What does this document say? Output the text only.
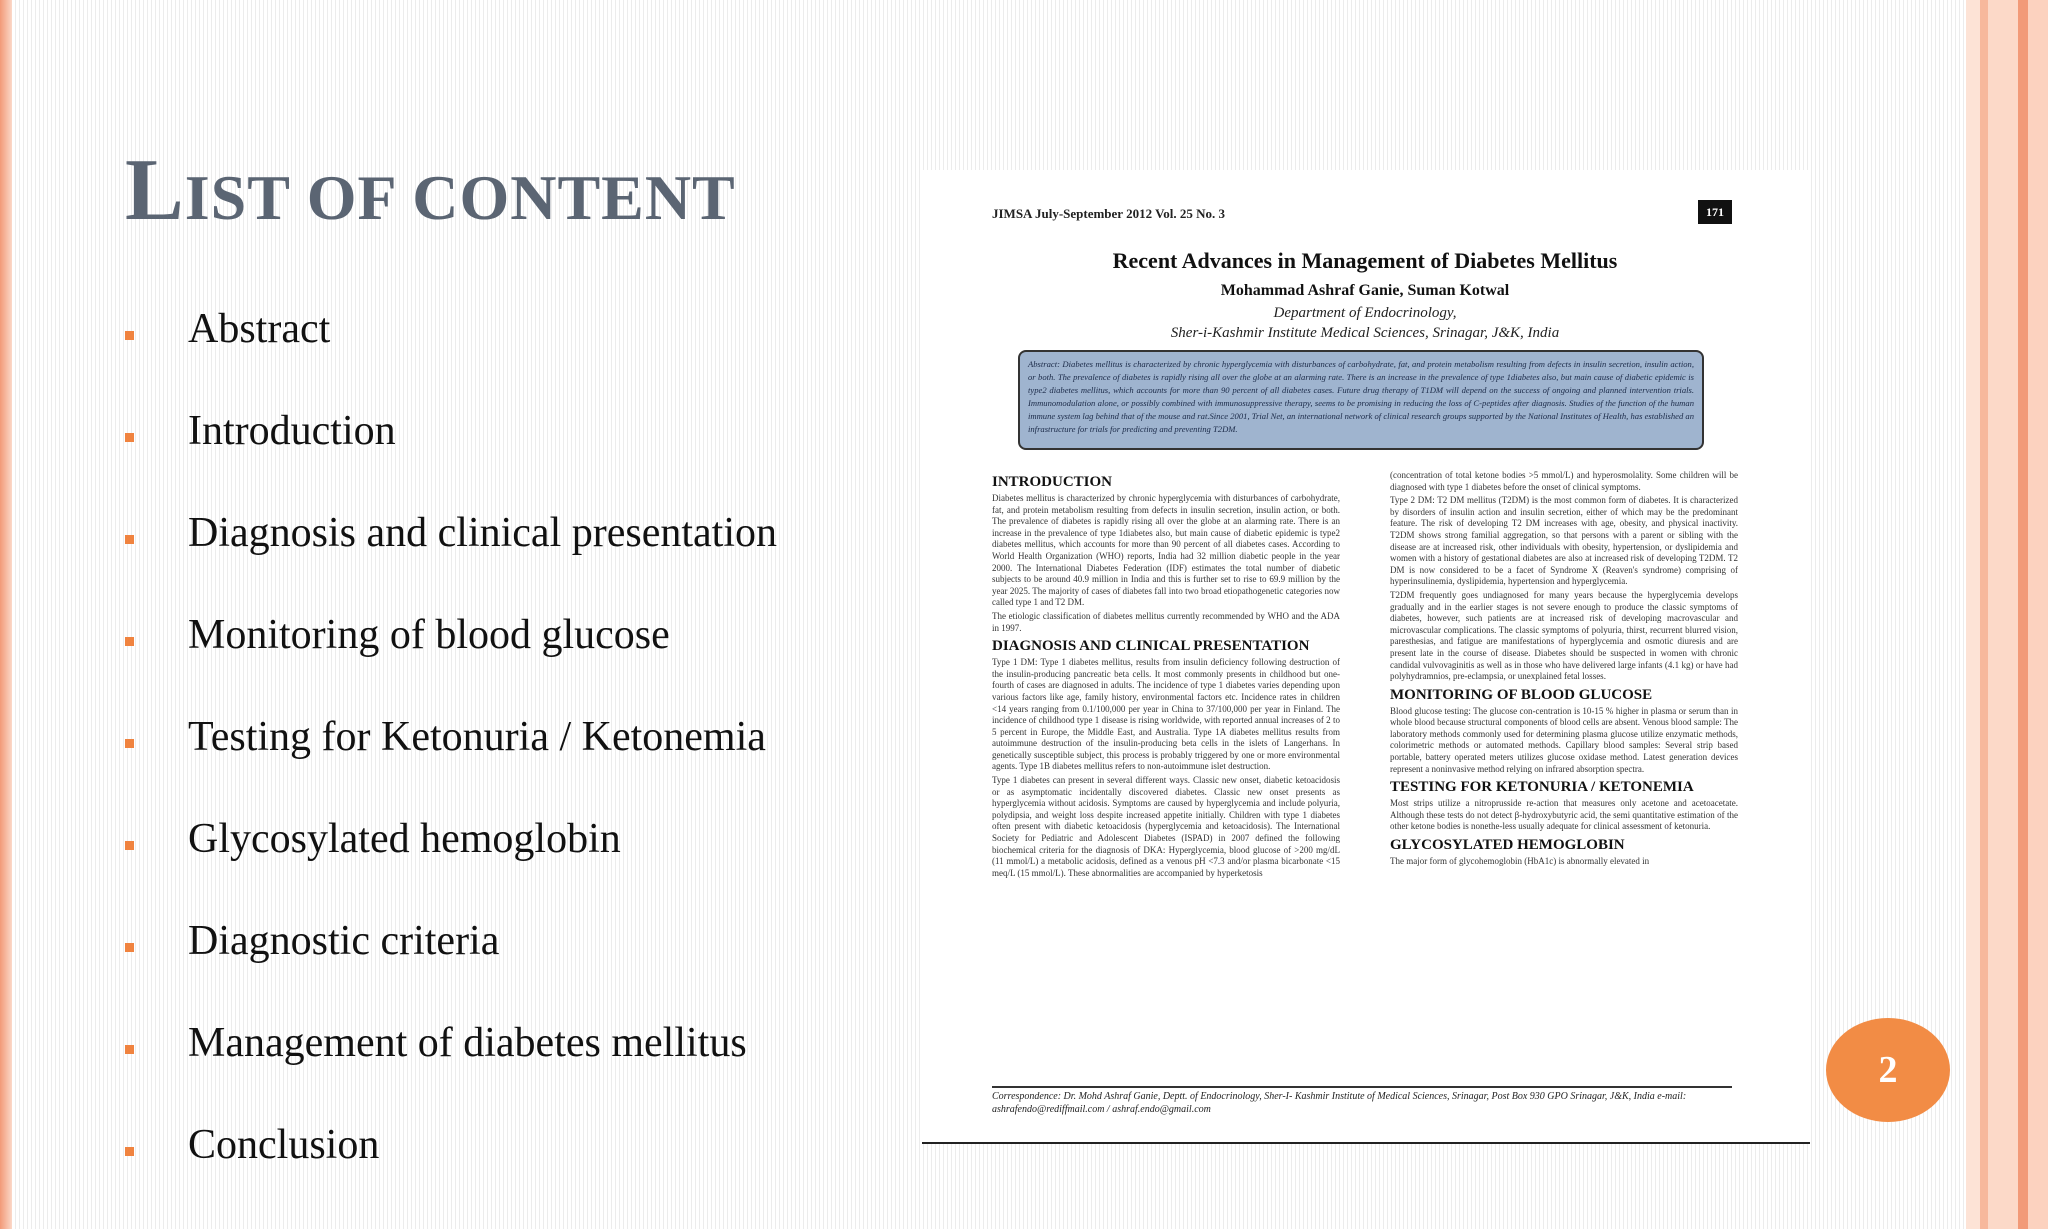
LIST OF CONTENT
Abstract
Introduction
Diagnosis and clinical presentation
Monitoring of blood glucose
Testing for Ketonuria / Ketonemia
Glycosylated hemoglobin
Diagnostic criteria
Management of diabetes mellitus
Conclusion
JIMSA July-September 2012 Vol. 25 No. 3	171
Recent Advances in Management of Diabetes Mellitus
Mohammad Ashraf Ganie, Suman Kotwal
Department of Endocrinology,
Sher-i-Kashmir Institute Medical Sciences, Srinagar, J&K, India
Abstract: Diabetes mellitus is characterized by chronic hyperglycemia with disturbances of carbohydrate, fat, and protein metabolism resulting from defects in insulin secretion, insulin action, or both. The prevalence of diabetes is rapidly rising all over the globe at an alarming rate. There is an increase in the prevalence of type 1diabetes also, but main cause of diabetic epidemic is type2 diabetes mellitus, which accounts for more than 90 percent of all diabetes cases. Future drug therapy of T1DM will depend on the success of ongoing and planned intervention trials. Immunomodulation alone, or possibly combined with immunosuppressive therapy, seems to be promising in reducing the loss of C-peptides after diagnosis. Studies of the function of the human immune system lag behind that of the mouse and rat.Since 2001, Trial Net, an international network of clinical research groups supported by the National Institutes of Health, has established an infrastructure for trials for predicting and preventing T2DM.
INTRODUCTION

Diabetes mellitus is characterized by chronic hyperglycemia with disturbances of carbohydrate, fat, and protein metabolism resulting from defects in insulin secretion, insulin action, or both. The prevalence of diabetes is rapidly rising all over the globe at an alarming rate. There is an increase in the prevalence of type 1diabetes also, but main cause of diabetic epidemic is type2 diabetes mellitus, which accounts for more than 90 percent of all diabetes cases. According to World Health Organization (WHO) reports, India had 32 million diabetic people in the year 2000. The International Diabetes Federation (IDF) estimates the total number of diabetic subjects to be around 40.9 million in India and this is further set to rise to 69.9 million by the year 2025. The majority of cases of diabetes fall into two broad etiopathogenetic categories now called type 1 and T2 DM.

The etiologic classification of diabetes mellitus currently recommended by WHO and the ADA in 1997.

DIAGNOSIS AND CLINICAL PRESENTATION

Type 1 DM: Type 1 diabetes mellitus, results from insulin deficiency following destruction of the insulin-producing pancreatic beta cells. It most commonly presents in childhood but one-fourth of cases are diagnosed in adults. The incidence of type 1 diabetes varies depending upon various factors like age, family history, environmental factors etc. Incidence rates in children <14 years ranging from 0.1/100,000 per year in China to 37/100,000 per year in Finland. The incidence of childhood type 1 disease is rising worldwide, with reported annual increases of 2 to 5 percent in Europe, the Middle East, and Australia. Type 1A diabetes mellitus results from autoimmune destruction of the insulin-producing beta cells in the islets of Langerhans. In genetically susceptible subject, this process is probably triggered by one or more environmental agents. Type 1B diabetes mellitus refers to non-autoimmune islet destruction.

Type 1 diabetes can present in several different ways. Classic new onset, diabetic ketoacidosis or as asymptomatic incidentally discovered diabetes. Classic new onset presents as hyperglycemia without acidosis. Symptoms are caused by hyperglycemia and include polyuria, polydipsia, and weight loss despite increased appetite initially. Children with type 1 diabetes often present with diabetic ketoacidosis (hyperglycemia and ketoacidosis). The International Society for Pediatric and Adolescent Diabetes (ISPAD) in 2007 defined the following biochemical criteria for the diagnosis of DKA: Hyperglycemia, blood glucose of >200 mg/dL (11 mmol/L) a metabolic acidosis, defined as a venous pH <7.3 and/or plasma bicarbonate <15 meq/L (15 mmol/L). These abnormalities are accompanied by hyperketosis

(concentration of total ketone bodies >5 mmol/L) and hyperosmolality. Some children will be diagnosed with type 1 diabetes before the onset of clinical symptoms.

Type 2 DM: T2 DM mellitus (T2DM) is the most common form of diabetes. It is characterized by disorders of insulin action and insulin secretion, either of which may be the predominant feature. The risk of developing T2 DM increases with age, obesity, and physical inactivity. T2DM shows strong familial aggregation, so that persons with a parent or sibling with the disease are at increased risk, other individuals with obesity, hypertension, or dyslipidemia and women with a history of gestational diabetes are also at increased risk of developing T2DM. T2 DM is now considered to be a facet of Syndrome X (Reaven's syndrome) comprising of hyperinsulinemia, dyslipidemia, hypertension and hyperglycemia.

T2DM frequently goes undiagnosed for many years because the hyperglycemia develops gradually and in the earlier stages is not severe enough to produce the classic symptoms of diabetes, however, such patients are at increased risk of developing macrovascular and microvascular complications. The classic symptoms of polyuria, thirst, recurrent blurred vision, paresthesias, and fatigue are manifestations of hyperglycemia and osmotic diuresis and are present late in the course of disease. Diabetes should be suspected in women with chronic candidal vulvovaginitis as well as in those who have delivered large infants (4.1 kg) or have had polyhydramnios, pre-eclampsia, or unexplained fetal losses.

MONITORING OF BLOOD GLUCOSE

Blood glucose testing: The glucose con-centration is 10-15 % higher in plasma or serum than in whole blood because structural components of blood cells are absent. Venous blood sample: The laboratory methods commonly used for determining plasma glucose utilize enzymatic methods, colorimetric methods or automated methods. Capillary blood samples: Several strip based portable, battery operated meters utilizes glucose oxidase method. Latest generation devices represent a noninvasive method relying on infrared absorption spectra.

TESTING FOR KETONURIA / KETONEMIA

Most strips utilize a nitroprusside re-action that measures only acetone and acetoacetate. Although these tests do not detect β-hydroxybutyric acid, the semi quantitative estimation of the other ketone bodies is nonethe-less usually adequate for clinical assessment of ketonuria.

GLYCOSYLATED HEMOGLOBIN

The major form of glycohemoglobin (HbA1c) is abnormally elevated in

Correspondence: Dr. Mohd Ashraf Ganie, Deptt. of Endocrinology, Sher-I- Kashmir Institute of Medical Sciences, Srinagar, Post Box 930 GPO Srinagar, J&K, India e-mail: ashrafendo@rediffmail.com / ashraf.endo@gmail.com
2
